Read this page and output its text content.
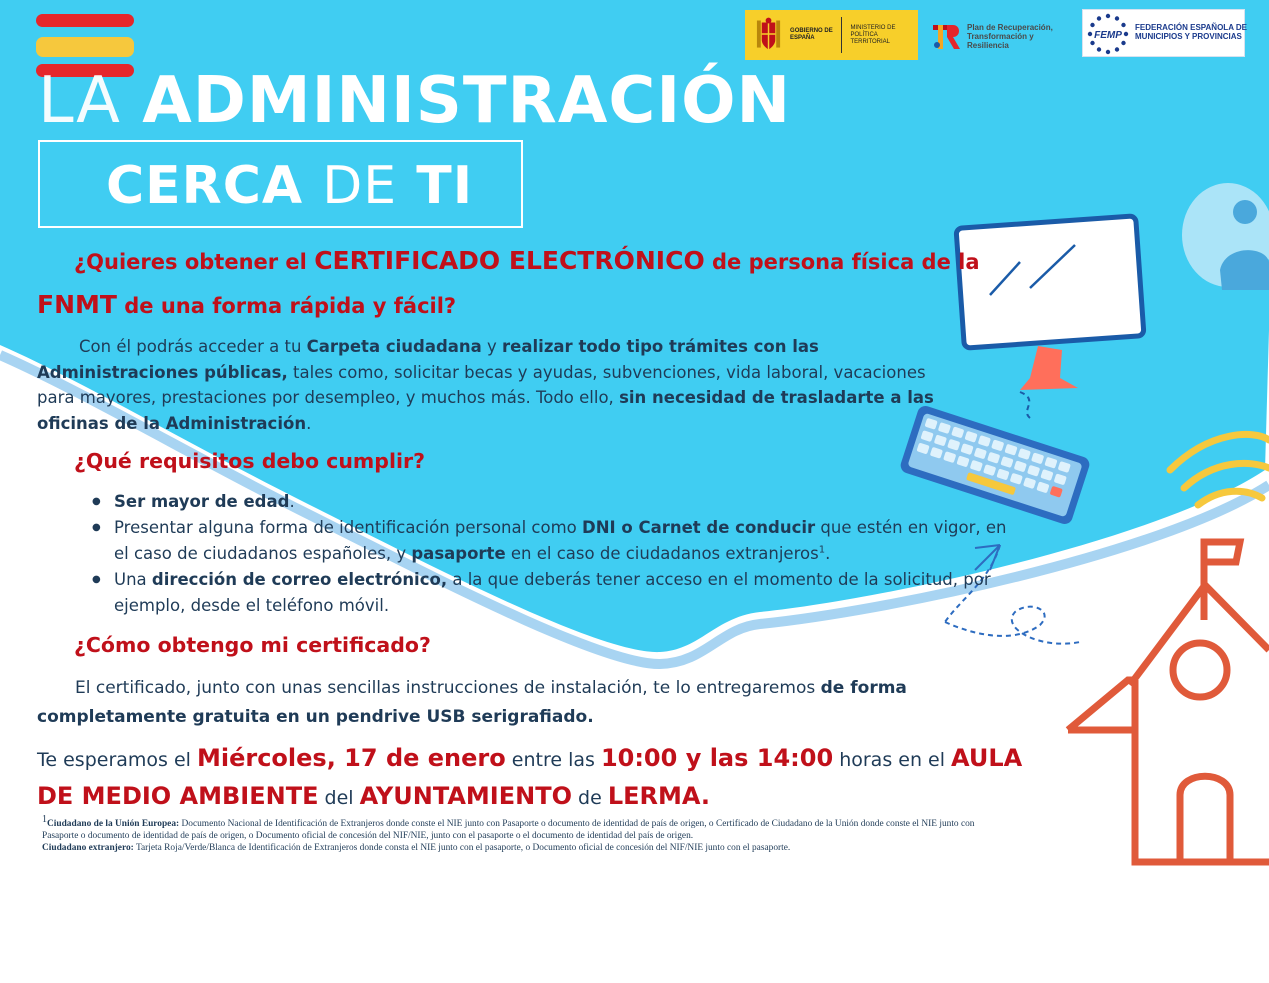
LA ADMINISTRACIÓN
CERCA DE TI
GOBIERNO DE ESPAÑA
MINISTERIO DE POLÍTICA TERRITORIAL
Plan de Recuperación, Transformación y Resiliencia
FEMP
FEDERACIÓN ESPAÑOLA DE MUNICIPIOS Y PROVINCIAS
¿Quieres obtener el CERTIFICADO ELECTRÓNICO de persona física de la
FNMT de una forma rápida y fácil?
Con él podrás acceder a tu Carpeta ciudadana y realizar todo tipo trámites con las Administraciones públicas, tales como, solicitar becas y ayudas, subvenciones, vida laboral, vacaciones para mayores, prestaciones por desempleo, y muchos más. Todo ello, sin necesidad de trasladarte a las oficinas de la Administración.
¿Qué requisitos debo cumplir?
● Ser mayor de edad.
● Presentar alguna forma de identificación personal como DNI o Carnet de conducir que estén en vigor, en el caso de ciudadanos españoles, y pasaporte en el caso de ciudadanos extranjeros$^1$.
● Una dirección de correo electrónico, a la que deberás tener acceso en el momento de la solicitud, por ejemplo, desde el teléfono móvil.
¿Cómo obtengo mi certificado?
El certificado, junto con unas sencillas instrucciones de instalación, te lo entregaremos de forma completamente gratuita en un pendrive USB serigrafiado.
Te esperamos el Miércoles, 17 de enero entre las 10:00 y las 14:00 horas en el AULA DE MEDIO AMBIENTE del AYUNTAMIENTO de LERMA.
$^1$Ciudadano de la Unión Europea: Documento Nacional de Identificación de Extranjeros donde conste el NIE junto con Pasaporte o documento de identidad de país de origen, o Certificado de Ciudadano de la Unión donde conste el NIE junto con Pasaporte o documento de identidad de país de origen, o Documento oficial de concesión del NIF/NIE, junto con el pasaporte o el documento de identidad del país de origen.
Ciudadano extranjero: Tarjeta Roja/Verde/Blanca de Identificación de Extranjeros donde consta el NIE junto con el pasaporte, o Documento oficial de concesión del NIF/NIE junto con el pasaporte.
